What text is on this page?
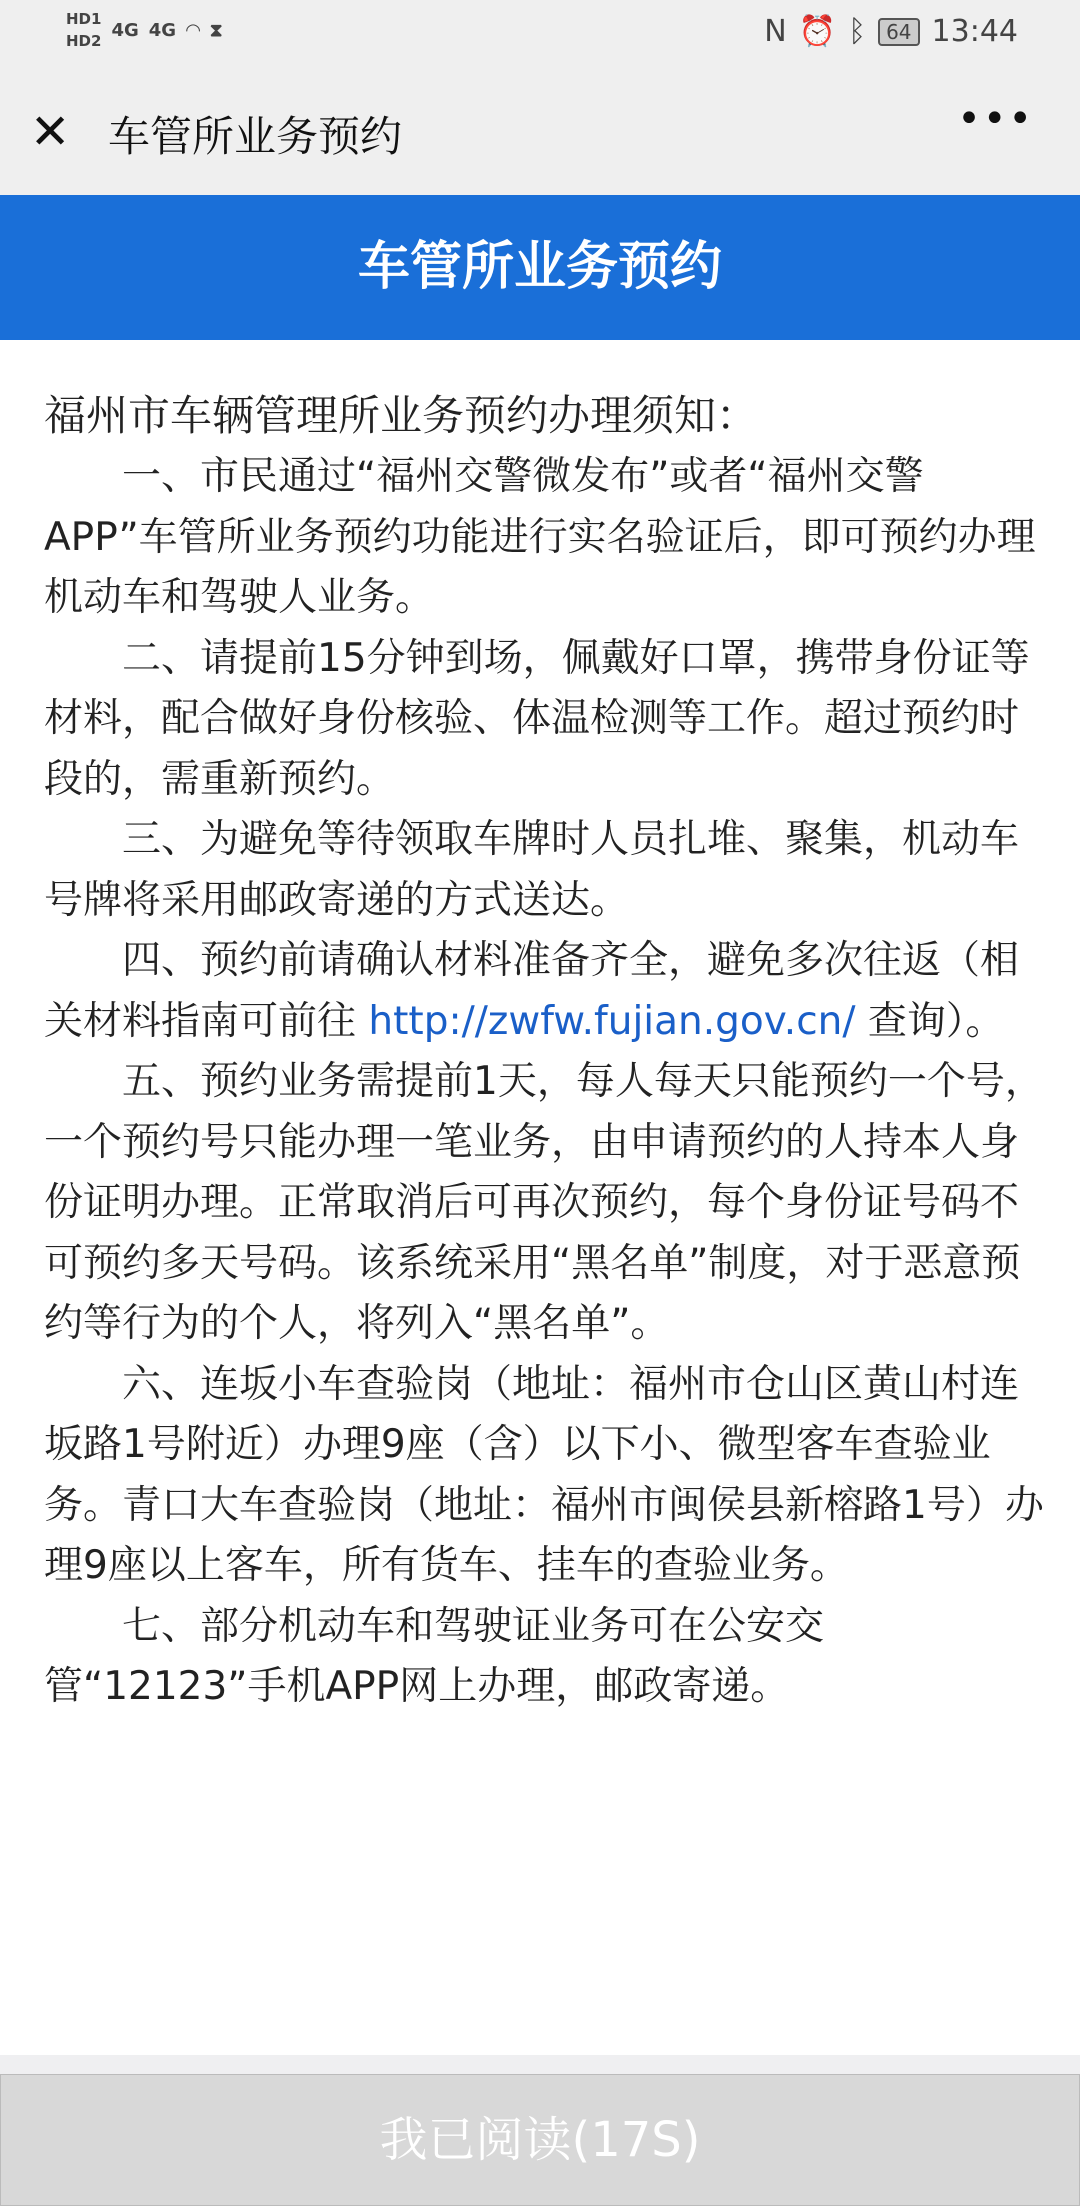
HD1
HD2
4G 4G ◠ ⧗	N ⏰ ᛒ	64 13:44
✕ 车管所业务预约	•••
车管所业务预约
福州市车辆管理所业务预约办理须知：

一、市民通过“福州交警微发布”或者“福州交警APP”车管所业务预约功能进行实名验证后，即可预约办理机动车和驾驶人业务。

二、请提前15分钟到场，佩戴好口罩，携带身份证等材料，配合做好身份核验、体温检测等工作。超过预约时段的，需重新预约。

三、为避免等待领取车牌时人员扎堆、聚集，机动车号牌将采用邮政寄递的方式送达。

四、预约前请确认材料准备齐全，避免多次往返（相关材料指南可前往 http://zwfw.fujian.gov.cn/ 查询）。

五、预约业务需提前1天，每人每天只能预约一个号，一个预约号只能办理一笔业务，由申请预约的人持本人身份证明办理。正常取消后可再次预约，每个身份证号码不可预约多天号码。该系统采用“黑名单”制度，对于恶意预约等行为的个人，将列入“黑名单”。

六、连坂小车查验岗（地址：福州市仓山区黄山村连坂路1号附近）办理9座（含）以下小、微型客车查验业务。青口大车查验岗（地址：福州市闽侯县新榕路1号）办理9座以上客车，所有货车、挂车的查验业务。

七、部分机动车和驾驶证业务可在公安交管“12123”手机APP网上办理，邮政寄递。

我已阅读(17S)
